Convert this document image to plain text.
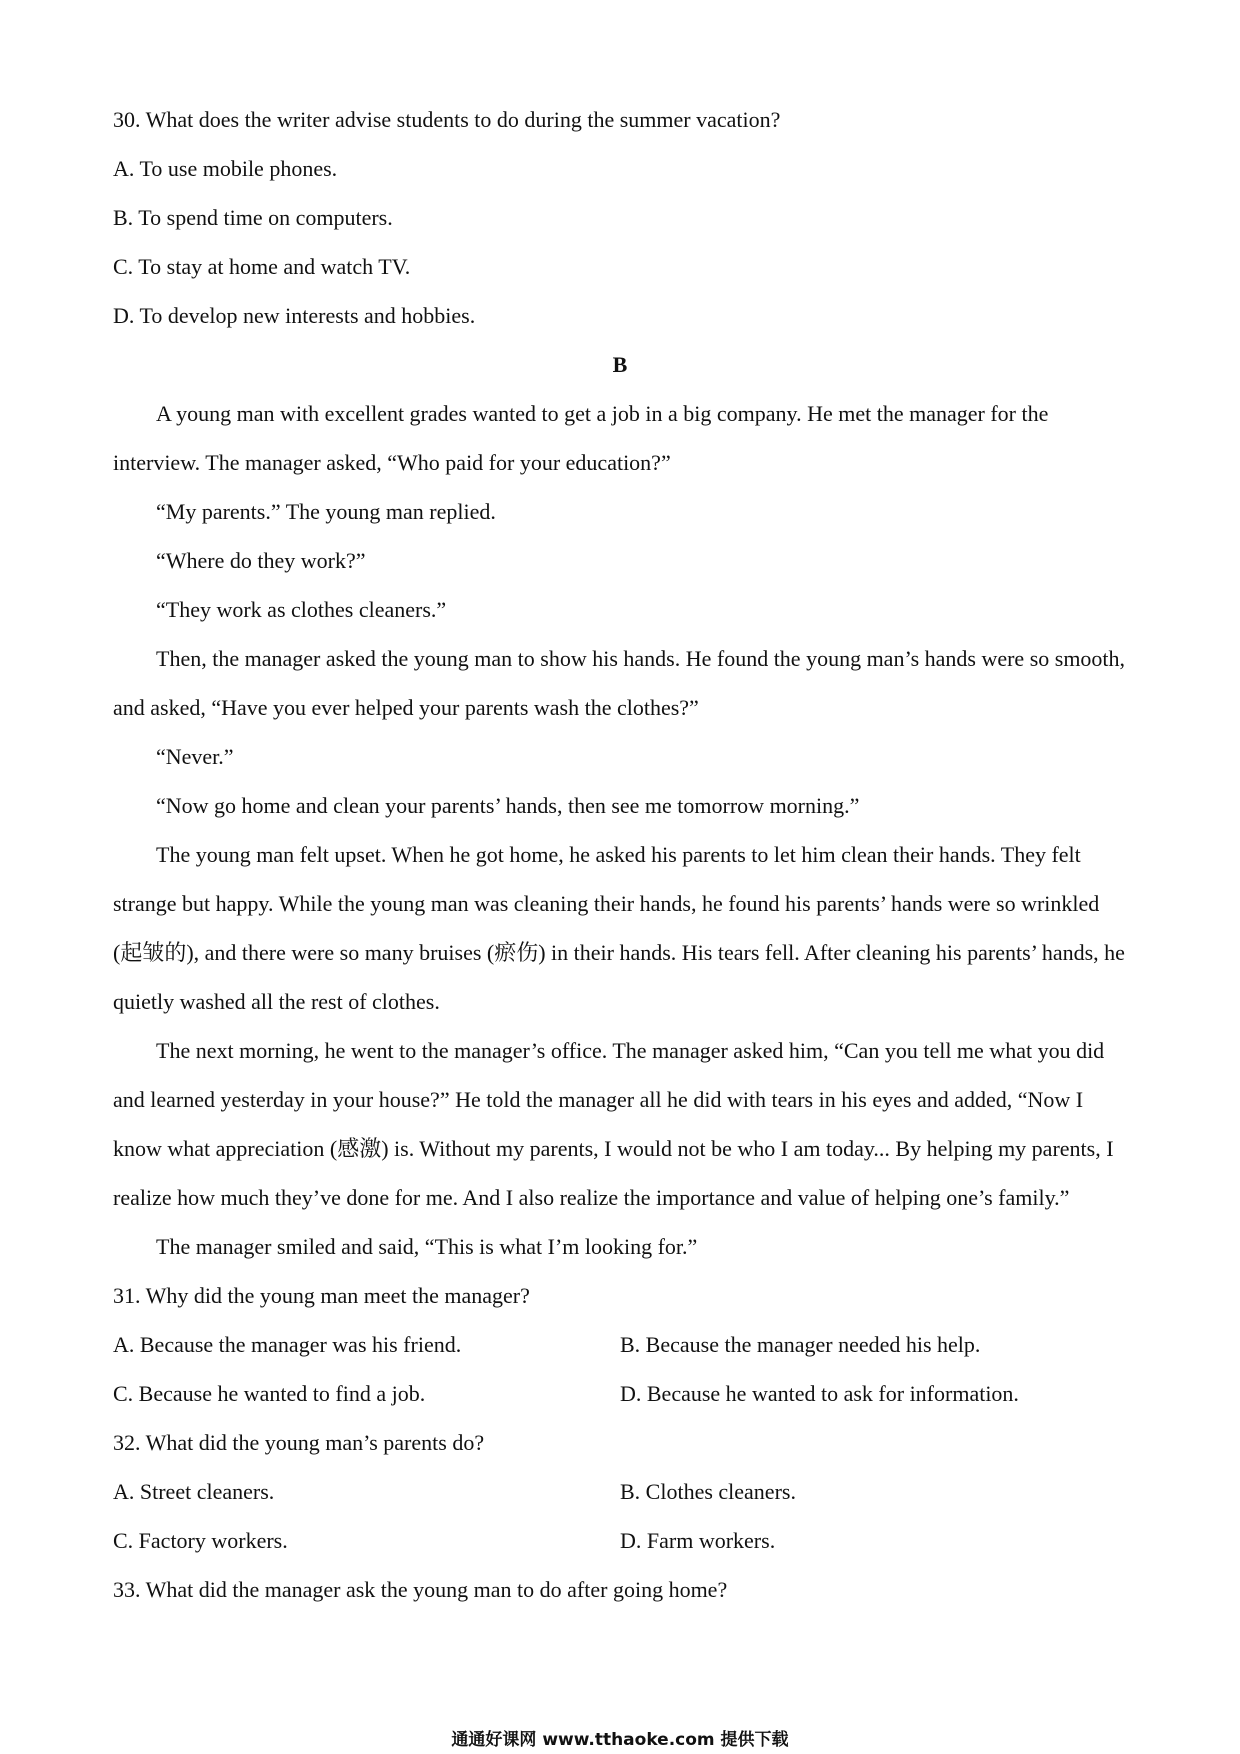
30. What does the writer advise students to do during the summer vacation?
A. To use mobile phones.
B. To spend time on computers.
C. To stay at home and watch TV.
D. To develop new interests and hobbies.
B
A young man with excellent grades wanted to get a job in a big company. He met the manager for the
interview. The manager asked, “Who paid for your education?”
“My parents.” The young man replied.
“Where do they work?”
“They work as clothes cleaners.”
Then, the manager asked the young man to show his hands. He found the young man’s hands were so smooth,
and asked, “Have you ever helped your parents wash the clothes?”
“Never.”
“Now go home and clean your parents’ hands, then see me tomorrow morning.”
The young man felt upset. When he got home, he asked his parents to let him clean their hands. They felt
strange but happy. While the young man was cleaning their hands, he found his parents’ hands were so wrinkled
(起皱的), and there were so many bruises (瘀伤) in their hands. His tears fell. After cleaning his parents’ hands, he
quietly washed all the rest of clothes.
The next morning, he went to the manager’s office. The manager asked him, “Can you tell me what you did
and learned yesterday in your house?” He told the manager all he did with tears in his eyes and added, “Now I
know what appreciation (感激) is. Without my parents, I would not be who I am today... By helping my parents, I
realize how much they’ve done for me. And I also realize the importance and value of helping one’s family.”
The manager smiled and said, “This is what I’m looking for.”
31. Why did the young man meet the manager?
A. Because the manager was his friend.	B. Because the manager needed his help.
C. Because he wanted to find a job.	D. Because he wanted to ask for information.
32. What did the young man’s parents do?
A. Street cleaners.	B. Clothes cleaners.
C. Factory workers.	D. Farm workers.
33. What did the manager ask the young man to do after going home?
通通好课网 www.tthaoke.com 提供下载
